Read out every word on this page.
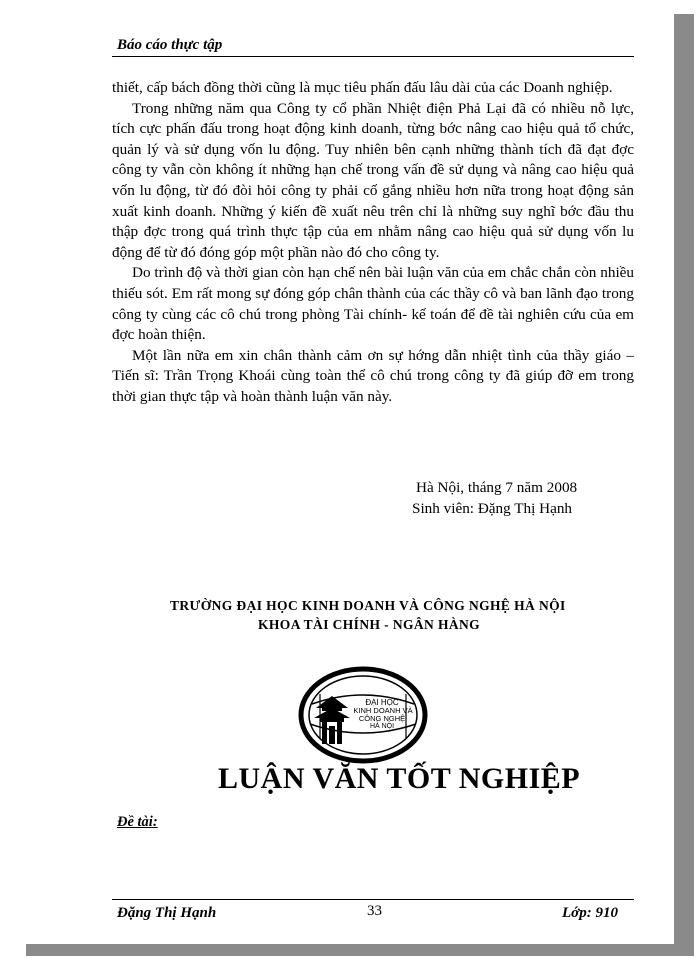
Báo cáo thực tập

thiết, cấp bách đồng thời cũng là mục tiêu phấn đấu lâu dài của các Doanh nghiệp.

Trong những năm qua Công ty cổ phần Nhiệt điện Phả Lại đã có nhiều nỗ lực, tích cực phấn đấu trong hoạt động kinh doanh, từng bớc nâng cao hiệu quả tổ chức, quản lý và sử dụng vốn lu động. Tuy nhiên bên cạnh những thành tích đã đạt đợc công ty vẫn còn không ít những hạn chế trong vấn đề sử dụng và nâng cao hiệu quả vốn lu động, từ đó đòi hỏi công ty phải cố gắng nhiều hơn nữa trong hoạt động sản xuất kinh doanh. Những ý kiến đề xuất nêu trên chỉ là những suy nghĩ bớc đầu thu thập đợc trong quá trình thực tập của em nhằm nâng cao hiệu quả sử dụng vốn lu động để từ đó đóng góp một phần nào đó cho công ty.

Do trình độ và thời gian còn hạn chế nên bài luận văn của em chắc chắn còn nhiều thiếu sót. Em rất mong sự đóng góp chân thành của các thầy cô và ban lãnh đạo trong công ty cùng các cô chú trong phòng Tài chính- kế toán để đề tài nghiên cứu của em đợc hoàn thiện.

Một lần nữa em xin chân thành cảm ơn sự hớng dẫn nhiệt tình của thầy giáo – Tiến sĩ: Trần Trọng Khoái cùng toàn thể cô chú trong công ty đã giúp đỡ em trong thời gian thực tập và hoàn thành luận văn này.

Hà Nội, tháng 7 năm 2008
Sinh viên: Đặng Thị Hạnh
TRƯỜNG ĐẠI HỌC KINH DOANH VÀ CÔNG NGHỆ HÀ NỘI
KHOA TÀI CHÍNH - NGÂN HÀNG
ĐẠI HỌC
KINH DOANH VÀ
CÔNG NGHỆ
HÀ NỘI
LUẬN VĂN TỐT NGHIỆP
Đề tài:
Đặng Thị Hạnh	33	Lớp: 910
